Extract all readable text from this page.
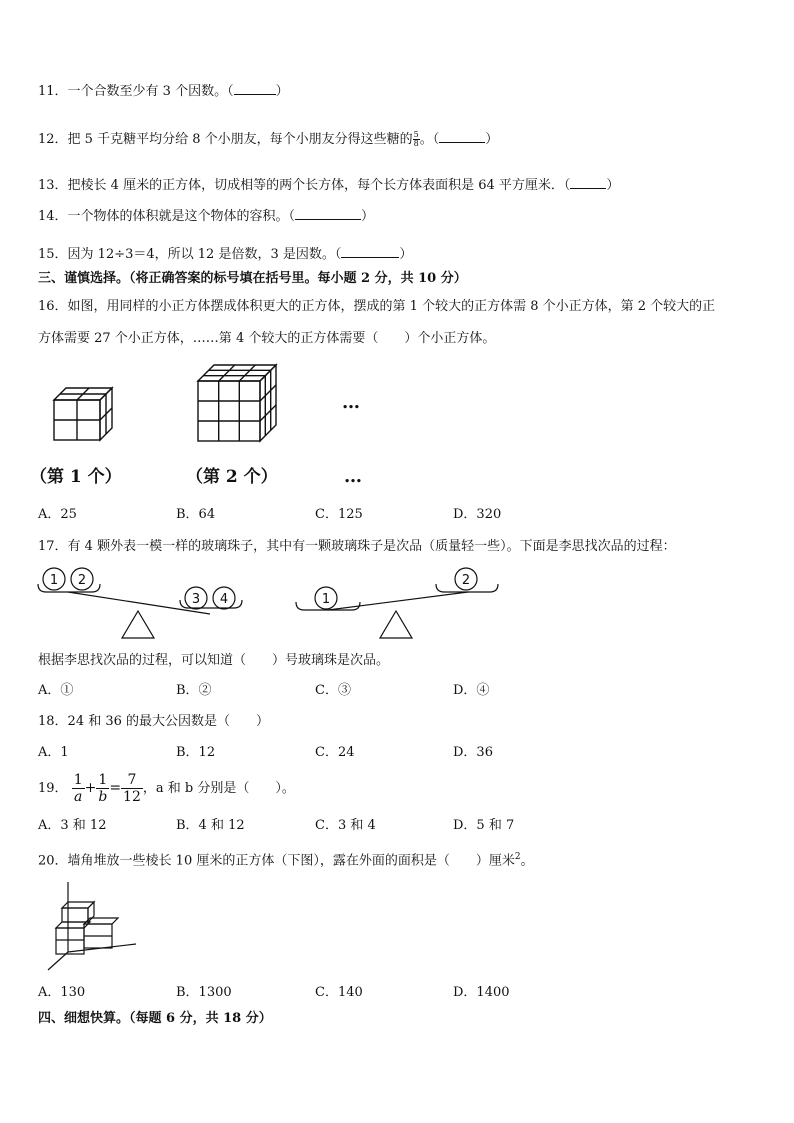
11．一个合数至少有 3 个因数。（	）
12．把 5 千克糖平均分给 8 个小朋友，每个小朋友分得这些糖的 $\frac{5}{8}$ 。（	）
13．把棱长 4 厘米的正方体，切成相等的两个长方体，每个长方体表面积是 64 平方厘米．（	）
14．一个物体的体积就是这个物体的容积。（	）
15．因为 12÷3＝4，所以 12 是倍数，3 是因数。（	）
三、谨慎选择。（将正确答案的标号填在括号里。每小题 2 分，共 10 分）
16．如图，用同样的小正方体摆成体积更大的正方体，摆成的第 1 个较大的正方体需 8 个小正方体，第 2 个较大的正
方体需要 27 个小正方体，……第 4 个较大的正方体需要（　　）个小正方体。
…
（第 1 个）	（第 2 个）	…
A．25	B．64	C．125	D．320
17．有 4 颗外表一模一样的玻璃珠子，其中有一颗玻璃珠子是次品（质量轻一些）。下面是李思找次品的过程：
1 2
3 4	1
2
根据李思找次品的过程，可以知道（　　）号玻璃珠是次品。
A．①	B．②	C．③	D．④
18．24 和 36 的最大公因数是（　　）
A．1	B．12	C．24	D．36
19． $\frac{1}{a} + \frac{1}{b} = \frac{7}{12}$ ，a 和 b 分别是（　　）。
A．3 和 12	B．4 和 12	C．3 和 4	D．5 和 7
20．墙角堆放一些棱长 10 厘米的正方体（下图），露在外面的面积是（　　）厘米$^2$。
A．130	B．1300	C．140	D．1400
四、细想快算。（每题 6 分，共 18 分）
